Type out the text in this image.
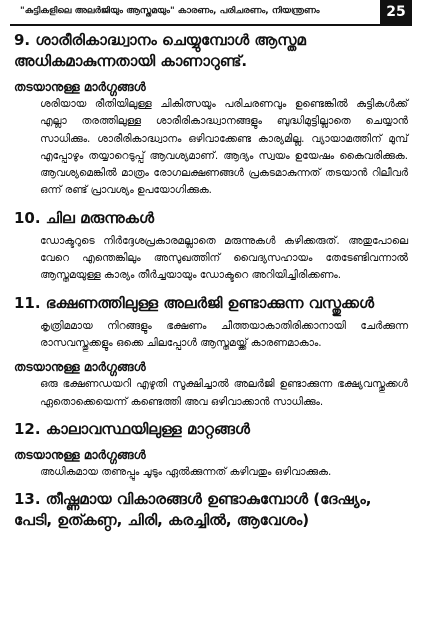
"കുട്ടികളിലെ അലർജിയും ആസ്തമയും" കാരണം, പരിചരണം, നിയന്ത്രണം	25
9. ശാരീരികാദ്ധ്വാനം ചെയ്യുമ്പോൾ ആസ്തമ അധികമാകുന്നതായി കാണാറുണ്ട്.
തടയാനുള്ള മാർഗ്ഗങ്ങൾ

ശരിയായ രീതിയിലുള്ള ചികിത്സയും പരിചരണവും ഉണ്ടെങ്കിൽ കുട്ടികൾക്ക് എല്ലാ തരത്തിലുള്ള ശാരീരികാദ്ധ്വാനങ്ങളും ബുദ്ധിമുട്ടില്ലാതെ ചെയ്യാൻ സാധിക്കും. ശാരീരികാദ്ധ്വാനം ഒഴിവാക്കേണ്ട കാര്യമില്ല. വ്യായാമത്തിന് മുമ്പ് എപ്പോഴും തയ്യാറെടുപ്പ് ആവശ്യമാണ്. ആദ്യം സ്വയം ഉയേഷം കൈവരിക്കുക. ആവശ്യമെങ്കിൽ മാത്രം രോഗലക്ഷണങ്ങൾ പ്രകടമാകുന്നത് തടയാൻ റിലീവർ ഒന്ന് രണ്ട് പ്രാവശ്യം ഉപയോഗിക്കുക.

10. ചില മരുന്നുകൾ

ഡോക്ടറുടെ നിർദ്ദേശപ്രകാരമല്ലാതെ മരുന്നുകൾ കഴിക്കരുത്. അതുപോലെ വേറെ എന്തെങ്കിലും അസുഖത്തിന് വൈദ്യസഹായം തേടേണ്ടിവന്നാൽ ആസ്തമയുള്ള കാര്യം തീർച്ചയായും ഡോക്ടറെ അറിയിച്ചിരിക്കണം.

11. ഭക്ഷണത്തിലുള്ള അലർജി ഉണ്ടാക്കുന്ന വസ്തുക്കൾ

കൃത്രിമമായ നിറങ്ങളും ഭക്ഷണം ചീത്തയാകാതിരിക്കാനായി ചേർക്കുന്ന രാസവസ്തുക്കളും ഒക്കെ ചിലപ്പോൾ ആസ്തമയ്ക്ക് കാരണമാകാം.

തടയാനുള്ള മാർഗ്ഗങ്ങൾ

ഒരു ഭക്ഷണഡയറി എഴുതി സൂക്ഷിച്ചാൽ അലർജി ഉണ്ടാക്കുന്ന ഭക്ഷ്യവസ്തുക്കൾ ഏതൊക്കെയെന്ന് കണ്ടെത്തി അവ ഒഴിവാക്കാൻ സാധിക്കും.

12. കാലാവസ്ഥയിലുള്ള മാറ്റങ്ങൾ
തടയാനുള്ള മാർഗ്ഗങ്ങൾ

അധികമായ തണുപ്പും ചൂടും ഏൽക്കുന്നത് കഴിവതും ഒഴിവാക്കുക.

13. തീഷ്ണമായ വികാരങ്ങൾ ഉണ്ടാകുമ്പോൾ (ദേഷ്യം, പേടി, ഉത്കണ്ഠ, ചിരി, കരച്ചിൽ, ആവേശം)
